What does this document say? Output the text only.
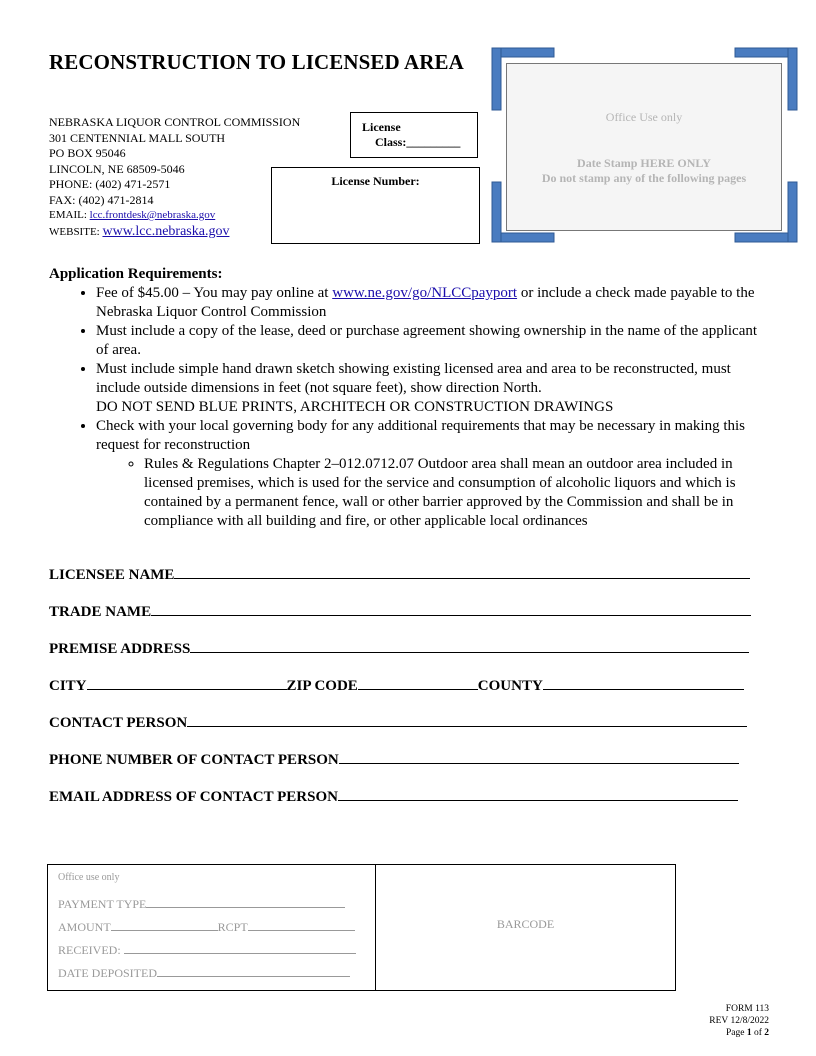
RECONSTRUCTION TO LICENSED AREA
NEBRASKA LIQUOR CONTROL COMMISSION
301 CENTENNIAL MALL SOUTH
PO BOX 95046
LINCOLN, NE 68509-5046
PHONE: (402) 471-2571
FAX: (402) 471-2814
EMAIL: lcc.frontdesk@nebraska.gov
WEBSITE: www.lcc.nebraska.gov
License
Class:_________
License Number:
Office Use only
Date Stamp HERE ONLY
Do not stamp any of the following pages
Application Requirements:
• Fee of $45.00 – You may pay online at www.ne.gov/go/NLCCpayport or include a check made payable to the Nebraska Liquor Control Commission
• Must include a copy of the lease, deed or purchase agreement showing ownership in the name of the applicant of area.
• Must include simple hand drawn sketch showing existing licensed area and area to be reconstructed, must include outside dimensions in feet (not square feet), show direction North.
DO NOT SEND BLUE PRINTS, ARCHITECH OR CONSTRUCTION DRAWINGS
• Check with your local governing body for any additional requirements that may be necessary in making this request for reconstruction
◦ Rules & Regulations Chapter 2–012.0712.07 Outdoor area shall mean an outdoor area included in licensed premises, which is used for the service and consumption of alcoholic liquors and which is contained by a permanent fence, wall or other barrier approved by the Commission and shall be in compliance with all building and fire, or other applicable local ordinances
LICENSEE NAME
TRADE NAME
PREMISE ADDRESS
CITY	ZIP CODE	COUNTY
CONTACT PERSON
PHONE NUMBER OF CONTACT PERSON
EMAIL ADDRESS OF CONTACT PERSON
Office use only
PAYMENT TYPE
AMOUNT	RCPT
RECEIVED:
DATE DEPOSITED
BARCODE
FORM 113
REV 12/8/2022
Page 1 of 2
